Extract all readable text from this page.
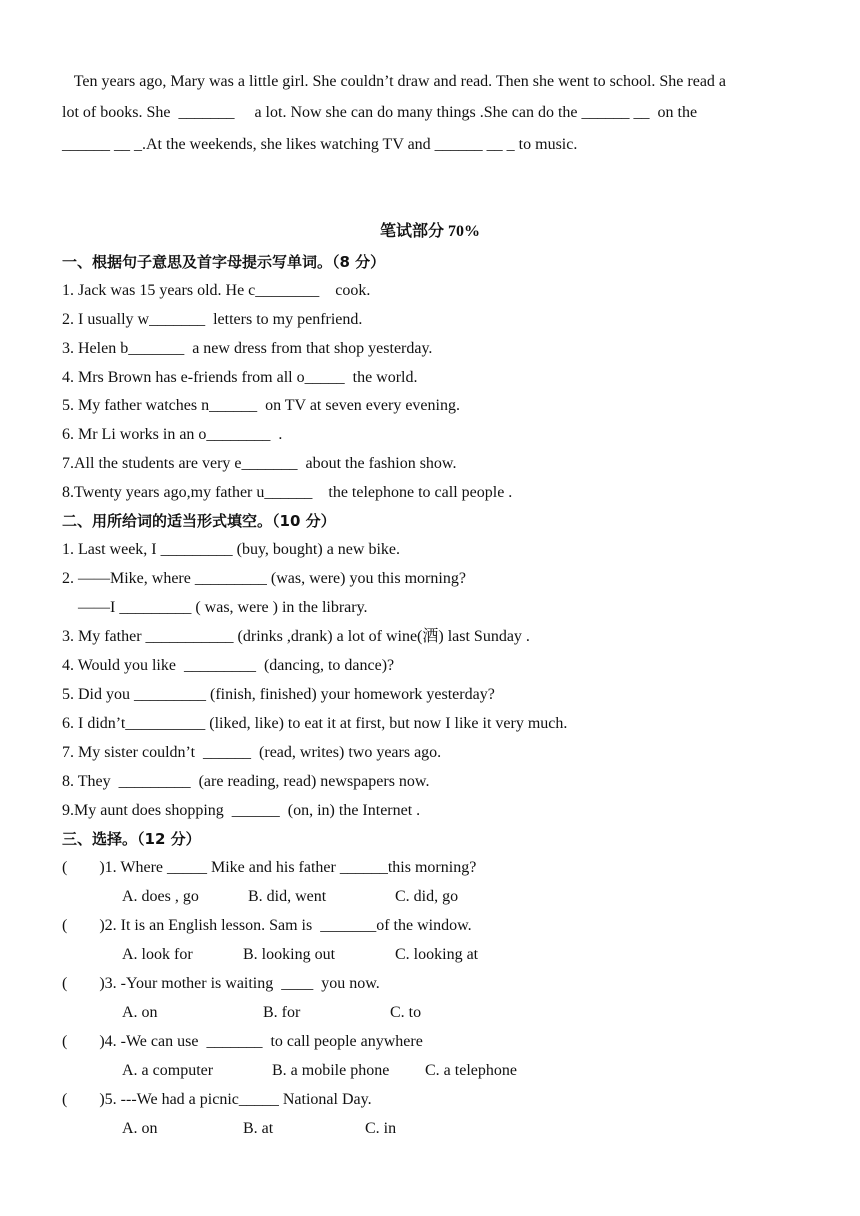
Ten years ago, Mary was a little girl. She couldn’t draw and read. Then she went to school. She read a
lot of books. She  _______     a lot. Now she can do many things .She can do the ______ __  on the
______ __ _.At the weekends, she likes watching TV and ______ __ _ to music.
笔试部分 70%
一、根据句子意思及首字母提示写单词。（8 分）
1. Jack was 15 years old. He c________    cook.
2. I usually w_______  letters to my penfriend.
3. Helen b_______  a new dress from that shop yesterday.
4. Mrs Brown has e-friends from all o_____  the world.
5. My father watches n______  on TV at seven every evening.
6. Mr Li works in an o________  .
7.All the students are very e_______  about the fashion show.
8.Twenty years ago,my father u______    the telephone to call people .
二、用所给词的适当形式填空。（10 分）
1. Last week, I _________ (buy, bought) a new bike.
2. ——Mike, where _________ (was, were) you this morning?
——I _________ ( was, were ) in the library.
3. My father ___________ (drinks ,drank) a lot of wine(酒) last Sunday .
4. Would you like  _________  (dancing, to dance)?
5. Did you _________ (finish, finished) your homework yesterday?
6. I didn’t__________ (liked, like) to eat it at first, but now I like it very much.
7. My sister couldn’t  ______  (read, writes) two years ago.
8. They  _________  (are reading, read) newspapers now.
9.My aunt does shopping  ______  (on, in) the Internet .
三、选择。（12 分）
(        )1. Where _____ Mike and his father ______this morning?
A. does , go	B. did, went	C. did, go
(        )2. It is an English lesson. Sam is  _______of the window.
A. look for	B. looking out	C. looking at
(        )3. -Your mother is waiting  ____  you now.
A. on	B. for	C. to
(        )4. -We can use  _______  to call people anywhere
A. a computer	B. a mobile phone C. a telephone
(        )5. ---We had a picnic_____ National Day.
A. on	B. at	C. in
